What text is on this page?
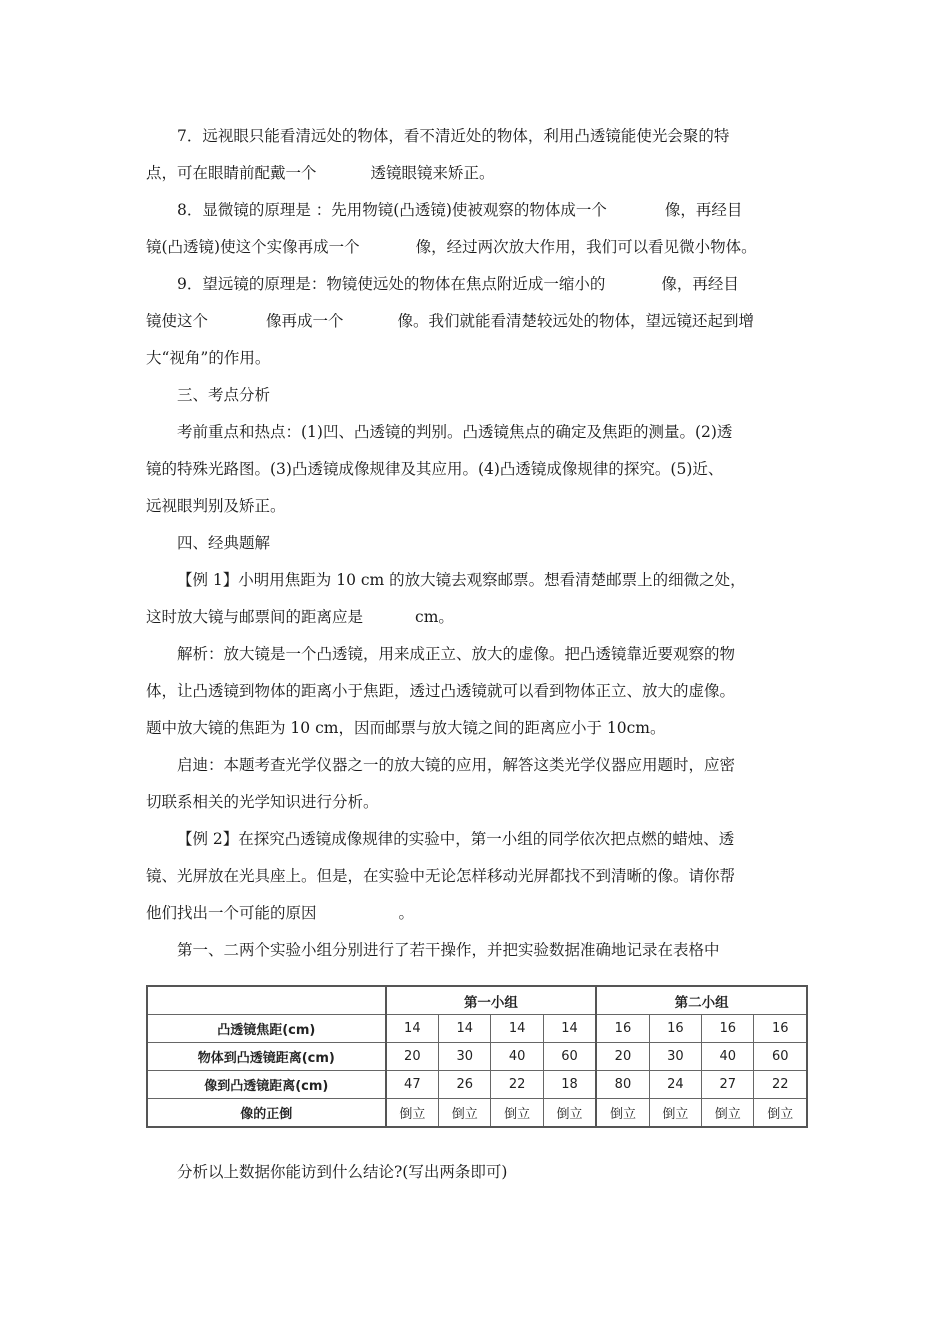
7．远视眼只能看清远处的物体，看不清近处的物体，利用凸透镜能使光会聚的特
点，可在眼睛前配戴一个	透镜眼镜来矫正。
8．显微镜的原理是 ：先用物镜(凸透镜)使被观察的物体成一个	像，再经目
镜(凸透镜)使这个实像再成一个	像，经过两次放大作用，我们可以看见微小物体。
9．望远镜的原理是：物镜使远处的物体在焦点附近成一缩小的	像，再经目
镜使这个	像再成一个	像。我们就能看清楚较远处的物体，望远镜还起到增
大“视角”的作用。
三、考点分析
考前重点和热点：(1)凹、凸透镜的判别。凸透镜焦点的确定及焦距的测量。(2)透
镜的特殊光路图。(3)凸透镜成像规律及其应用。(4)凸透镜成像规律的探究。(5)近、
远视眼判别及矫正。
四、经典题解
【例 1】小明用焦距为 10 cm 的放大镜去观察邮票。想看清楚邮票上的细微之处，
这时放大镜与邮票间的距离应是	cm。
解析：放大镜是一个凸透镜，用来成正立、放大的虚像。把凸透镜靠近要观察的物
体，让凸透镜到物体的距离小于焦距，透过凸透镜就可以看到物体正立、放大的虚像。
题中放大镜的焦距为 10 cm，因而邮票与放大镜之间的距离应小于 10cm。
启迪：本题考查光学仪器之一的放大镜的应用，解答这类光学仪器应用题时，应密
切联系相关的光学知识进行分析。
【例 2】在探究凸透镜成像规律的实验中，第一小组的同学依次把点燃的蜡烛、透
镜、光屏放在光具座上。但是，在实验中无论怎样移动光屏都找不到清晰的像。请你帮
他们找出一个可能的原因	。
第一、二两个实验小组分别进行了若干操作，并把实验数据准确地记录在表格中
	第一小组				第二小组			
凸透镜焦距(cm)	14	14	14	14	16	16	16	16
物体到凸透镜距离(cm)	20	30	40	60	20	30	40	60
像到凸透镜距离(cm)	47	26	22	18	80	24	27	22
像的正倒	倒立	倒立	倒立	倒立	倒立	倒立	倒立	倒立
分析以上数据你能访到什么结论?(写出两条即可)
